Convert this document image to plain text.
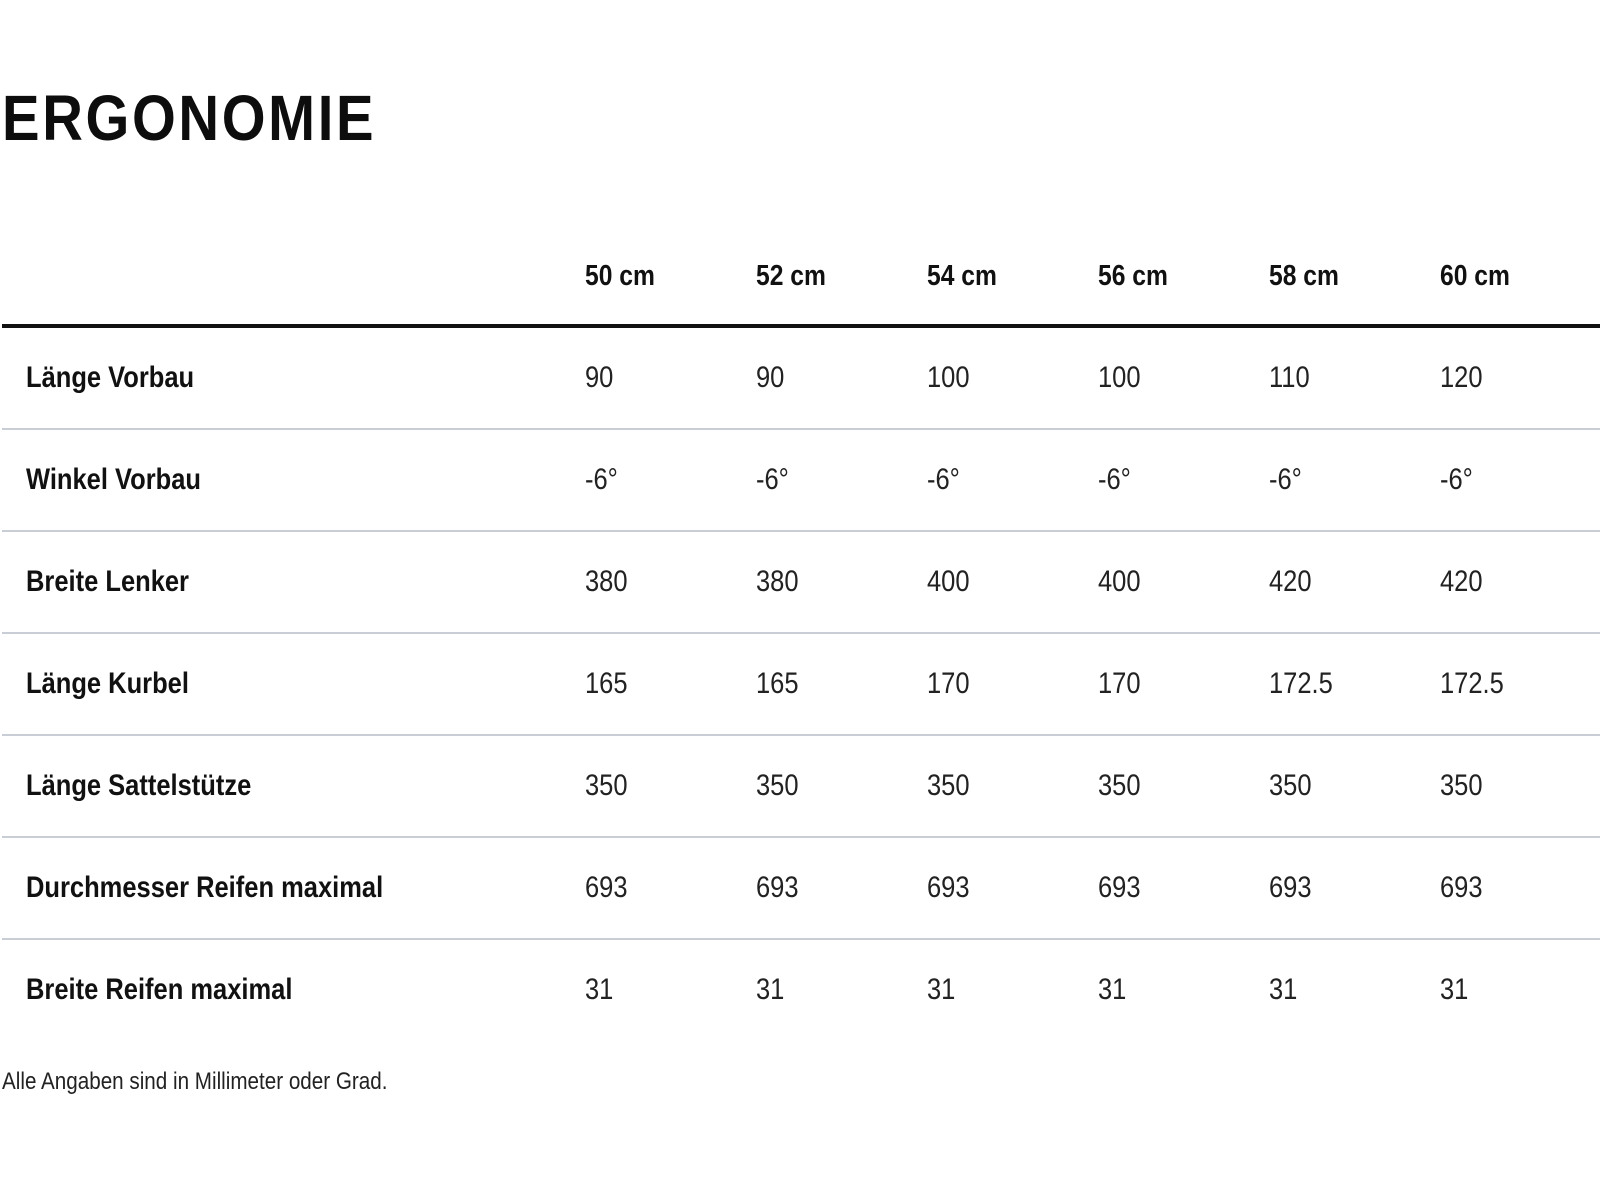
ERGONOMIE
	50 cm	52 cm	54 cm	56 cm	58 cm	60 cm
Länge Vorbau	90	90	100	100	110	120
Winkel Vorbau	-6°	-6°	-6°	-6°	-6°	-6°
Breite Lenker	380	380	400	400	420	420
Länge Kurbel	165	165	170	170	172.5	172.5
Länge Sattelstütze	350	350	350	350	350	350
Durchmesser Reifen maximal	693	693	693	693	693	693
Breite Reifen maximal	31	31	31	31	31	31

Alle Angaben sind in Millimeter oder Grad.
